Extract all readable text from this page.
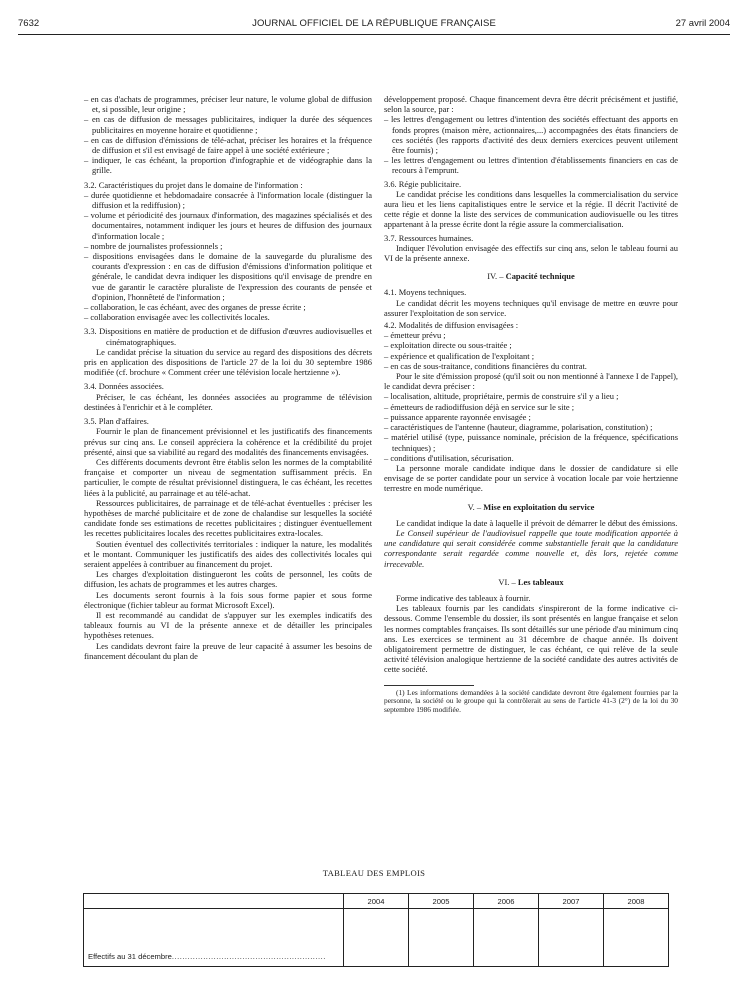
7632	JOURNAL OFFICIEL DE LA RÉPUBLIQUE FRANÇAISE	27 avril 2004

– en cas d'achats de programmes, préciser leur nature, le volume global de diffusion et, si possible, leur origine ;

– en cas de diffusion de messages publicitaires, indiquer la durée des séquences publicitaires en moyenne horaire et quotidienne ;

– en cas de diffusion d'émissions de télé-achat, préciser les horaires et la fréquence de diffusion et s'il est envisagé de faire appel à une société extérieure ;

– indiquer, le cas échéant, la proportion d'infographie et de vidéographie dans la grille.

3.2. Caractéristiques du projet dans le domaine de l'information :

– durée quotidienne et hebdomadaire consacrée à l'information locale (distinguer la diffusion et la rediffusion) ;

– volume et périodicité des journaux d'information, des magazines spécialisés et des documentaires, notamment indiquer les jours et heures de diffusion des journaux d'information locale ;

– nombre de journalistes professionnels ;

– dispositions envisagées dans le domaine de la sauvegarde du pluralisme des courants d'expression : en cas de diffusion d'émissions d'information politique et générale, le candidat devra indiquer les dispositions qu'il envisage de prendre en vue de garantir le caractère pluraliste de l'expression des courants de pensée et d'opinion, l'honnêteté de l'information ;

– collaboration, le cas échéant, avec des organes de presse écrite ;

– collaboration envisagée avec les collectivités locales.

3.3. Dispositions en matière de production et de diffusion d'œuvres audiovisuelles et cinématographiques.

Le candidat précise la situation du service au regard des dispositions des décrets pris en application des dispositions de l'article 27 de la loi du 30 septembre 1986 modifiée (cf. brochure « Comment créer une télévision locale hertzienne »).

3.4. Données associées.

Préciser, le cas échéant, les données associées au programme de télévision destinées à l'enrichir et à le compléter.

3.5. Plan d'affaires.

Fournir le plan de financement prévisionnel et les justificatifs des financements prévus sur cinq ans. Le conseil appréciera la cohérence et la crédibilité du projet présenté, ainsi que sa viabilité au regard des modalités des financements envisagées.

Ces différents documents devront être établis selon les normes de la comptabilité française et comporter un niveau de segmentation suffisamment précis. En particulier, le compte de résultat prévisionnel distinguera, le cas échéant, les recettes liées à la publicité, au parrainage et au télé-achat.

Ressources publicitaires, de parrainage et de télé-achat éventuelles : préciser les hypothèses de marché publicitaire et de zone de chalandise sur lesquelles la société candidate fonde ses estimations de recettes publicitaires ; distinguer éventuellement les recettes publicitaires locales des recettes publicitaires extra-locales.

Soutien éventuel des collectivités territoriales : indiquer la nature, les modalités et le montant. Communiquer les justificatifs des aides des collectivités locales qui seraient appelées à contribuer au financement du projet.

Les charges d'exploitation distingueront les coûts de personnel, les coûts de diffusion, les achats de programmes et les autres charges.

Les documents seront fournis à la fois sous forme papier et sous forme électronique (fichier tableur au format Microsoft Excel).

Il est recommandé au candidat de s'appuyer sur les exemples indicatifs des tableaux fournis au VI de la présente annexe et de détailler les principales hypothèses retenues.

Les candidats devront faire la preuve de leur capacité à assumer les besoins de financement découlant du plan de

développement proposé. Chaque financement devra être décrit précisément et justifié, selon la source, par :

– les lettres d'engagement ou lettres d'intention des sociétés effectuant des apports en fonds propres (maison mère, actionnaires,...) accompagnées des états financiers de ces sociétés (les rapports d'activité des deux derniers exercices peuvent utilement être fournis) ;

– les lettres d'engagement ou lettres d'intention d'établissements financiers en cas de recours à l'emprunt.

3.6. Régie publicitaire.

Le candidat précise les conditions dans lesquelles la commercialisation du service aura lieu et les liens capitalistiques entre le service et la régie. Il décrit l'activité de cette régie et donne la liste des services de communication audiovisuelle ou les titres appartenant à la presse écrite dont la régie assure la commercialisation.

3.7. Ressources humaines.

Indiquer l'évolution envisagée des effectifs sur cinq ans, selon le tableau fourni au VI de la présente annexe.

IV. – Capacité technique

4.1. Moyens techniques.

Le candidat décrit les moyens techniques qu'il envisage de mettre en œuvre pour assurer l'exploitation de son service.

4.2. Modalités de diffusion envisagées :

– émetteur prévu ;

– exploitation directe ou sous-traitée ;

– expérience et qualification de l'exploitant ;

– en cas de sous-traitance, conditions financières du contrat.

Pour le site d'émission proposé (qu'il soit ou non mentionné à l'annexe I de l'appel), le candidat devra préciser :

– localisation, altitude, propriétaire, permis de construire s'il y a lieu ;

– émetteurs de radiodiffusion déjà en service sur le site ;

– puissance apparente rayonnée envisagée ;

– caractéristiques de l'antenne (hauteur, diagramme, polarisation, constitution) ;

– matériel utilisé (type, puissance nominale, précision de la fréquence, spécifications techniques) ;

– conditions d'utilisation, sécurisation.

La personne morale candidate indique dans le dossier de candidature si elle envisage de se porter candidate pour un service à vocation locale par voie hertzienne terrestre en mode numérique.

V. – Mise en exploitation du service

Le candidat indique la date à laquelle il prévoit de démarrer le début des émissions.

Le Conseil supérieur de l'audiovisuel rappelle que toute modification apportée à une candidature qui serait considérée comme substantielle ferait que la candidature correspondante serait regardée comme nouvelle et, dès lors, rejetée comme irrecevable.

VI. – Les tableaux

Forme indicative des tableaux à fournir.

Les tableaux fournis par les candidats s'inspireront de la forme indicative ci-dessous. Comme l'ensemble du dossier, ils sont présentés en langue française et selon les normes comptables françaises. Ils sont détaillés sur une période d'au minimum cinq ans. Les exercices se terminent au 31 décembre de chaque année. Ils doivent obligatoirement permettre de distinguer, le cas échéant, ce qui relève de la seule activité télévision analogique hertzienne de la société candidate des autres activités de cette société.

(1) Les informations demandées à la société candidate devront être également fournies par la personne, la société ou le groupe qui la contrôlerait au sens de l'article 41-3 (2°) de la loi du 30 septembre 1986 modifiée.

TABLEAU DES EMPLOIS
	2004	2005	2006	2007	2008
Effectifs au 31 décembre...........................................................					
